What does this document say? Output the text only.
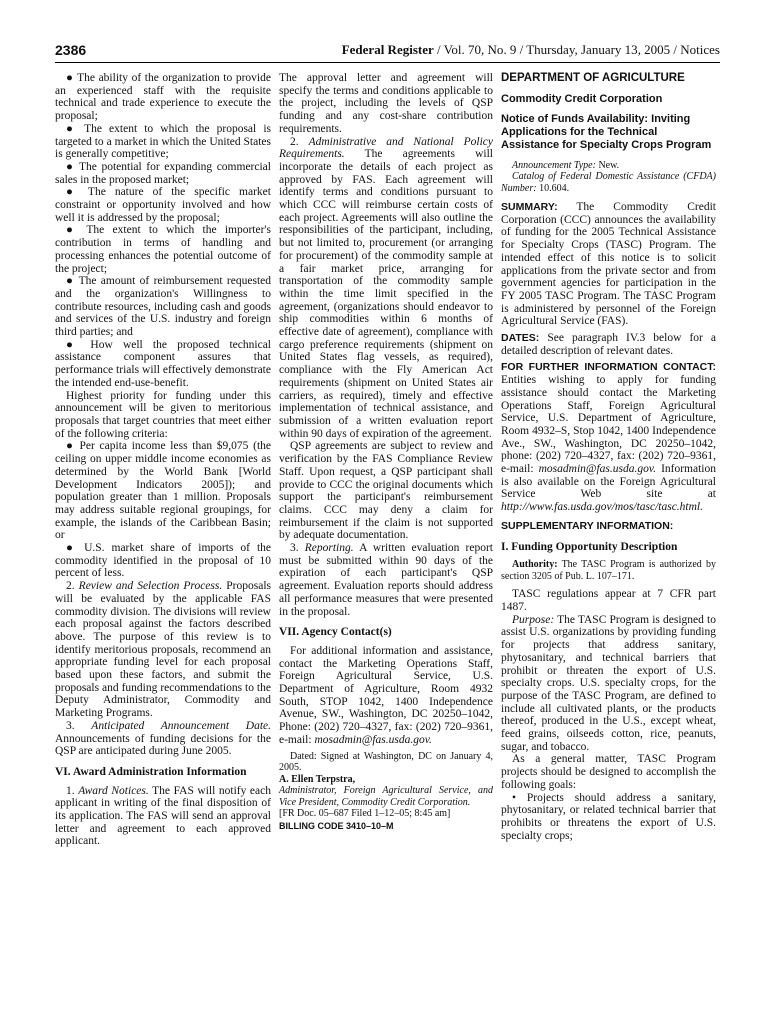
2386	Federal Register / Vol. 70, No. 9 / Thursday, January 13, 2005 / Notices

● The ability of the organization to provide an experienced staff with the requisite technical and trade experience to execute the proposal;

● The extent to which the proposal is targeted to a market in which the United States is generally competitive;

● The potential for expanding commercial sales in the proposed market;

● The nature of the specific market constraint or opportunity involved and how well it is addressed by the proposal;

● The extent to which the importer's contribution in terms of handling and processing enhances the potential outcome of the project;

● The amount of reimbursement requested and the organization's Willingness to contribute resources, including cash and goods and services of the U.S. industry and foreign third parties; and

● How well the proposed technical assistance component assures that performance trials will effectively demonstrate the intended end-use-benefit.

Highest priority for funding under this announcement will be given to meritorious proposals that target countries that meet either of the following criteria:

● Per capita income less than $9,075 (the ceiling on upper middle income economies as determined by the World Bank [World Development Indicators 2005]); and population greater than 1 million. Proposals may address suitable regional groupings, for example, the islands of the Caribbean Basin; or

● U.S. market share of imports of the commodity identified in the proposal of 10 percent of less.

2. Review and Selection Process. Proposals will be evaluated by the applicable FAS commodity division. The divisions will review each proposal against the factors described above. The purpose of this review is to identify meritorious proposals, recommend an appropriate funding level for each proposal based upon these factors, and submit the proposals and funding recommendations to the Deputy Administrator, Commodity and Marketing Programs.

3. Anticipated Announcement Date. Announcements of funding decisions for the QSP are anticipated during June 2005.

VI. Award Administration Information

1. Award Notices. The FAS will notify each applicant in writing of the final disposition of its application. The FAS will send an approval letter and agreement to each approved applicant.

The approval letter and agreement will specify the terms and conditions applicable to the project, including the levels of QSP funding and any cost-share contribution requirements.

2. Administrative and National Policy Requirements. The agreements will incorporate the details of each project as approved by FAS. Each agreement will identify terms and conditions pursuant to which CCC will reimburse certain costs of each project. Agreements will also outline the responsibilities of the participant, including, but not limited to, procurement (or arranging for procurement) of the commodity sample at a fair market price, arranging for transportation of the commodity sample within the time limit specified in the agreement, (organizations should endeavor to ship commodities within 6 months of effective date of agreement), compliance with cargo preference requirements (shipment on United States flag vessels, as required), compliance with the Fly American Act requirements (shipment on United States air carriers, as required), timely and effective implementation of technical assistance, and submission of a written evaluation report within 90 days of expiration of the agreement.

QSP agreements are subject to review and verification by the FAS Compliance Review Staff. Upon request, a QSP participant shall provide to CCC the original documents which support the participant's reimbursement claims. CCC may deny a claim for reimbursement if the claim is not supported by adequate documentation.

3. Reporting. A written evaluation report must be submitted within 90 days of the expiration of each participant's QSP agreement. Evaluation reports should address all performance measures that were presented in the proposal.

VII. Agency Contact(s)

For additional information and assistance, contact the Marketing Operations Staff, Foreign Agricultural Service, U.S. Department of Agriculture, Room 4932 South, STOP 1042, 1400 Independence Avenue, SW., Washington, DC 20250–1042, Phone: (202) 720–4327, fax: (202) 720–9361, e-mail: mosadmin@fas.usda.gov.

Dated: Signed at Washington, DC on January 4, 2005.

A. Ellen Terpstra,

Administrator, Foreign Agricultural Service, and Vice President, Commodity Credit Corporation.

[FR Doc. 05–687 Filed 1–12–05; 8:45 am]

BILLING CODE 3410–10–M

DEPARTMENT OF AGRICULTURE

Commodity Credit Corporation

Notice of Funds Availability: Inviting Applications for the Technical Assistance for Specialty Crops Program

Announcement Type: New.

Catalog of Federal Domestic Assistance (CFDA) Number: 10.604.

SUMMARY: The Commodity Credit Corporation (CCC) announces the availability of funding for the 2005 Technical Assistance for Specialty Crops (TASC) Program. The intended effect of this notice is to solicit applications from the private sector and from government agencies for participation in the FY 2005 TASC Program. The TASC Program is administered by personnel of the Foreign Agricultural Service (FAS).

DATES: See paragraph IV.3 below for a detailed description of relevant dates.

FOR FURTHER INFORMATION CONTACT: Entities wishing to apply for funding assistance should contact the Marketing Operations Staff, Foreign Agricultural Service, U.S. Department of Agriculture, Room 4932–S, Stop 1042, 1400 Independence Ave., SW., Washington, DC 20250–1042, phone: (202) 720–4327, fax: (202) 720–9361, e-mail: mosadmin@fas.usda.gov. Information is also available on the Foreign Agricultural Service Web site at http://www.fas.usda.gov/mos/tasc/tasc.html.

SUPPLEMENTARY INFORMATION:

I. Funding Opportunity Description

Authority: The TASC Program is authorized by section 3205 of Pub. L. 107–171.

TASC regulations appear at 7 CFR part 1487.

Purpose: The TASC Program is designed to assist U.S. organizations by providing funding for projects that address sanitary, phytosanitary, and technical barriers that prohibit or threaten the export of U.S. specialty crops. U.S. specialty crops, for the purpose of the TASC Program, are defined to include all cultivated plants, or the products thereof, produced in the U.S., except wheat, feed grains, oilseeds cotton, rice, peanuts, sugar, and tobacco.

As a general matter, TASC Program projects should be designed to accomplish the following goals:

• Projects should address a sanitary, phytosanitary, or related technical barrier that prohibits or threatens the export of U.S. specialty crops;
